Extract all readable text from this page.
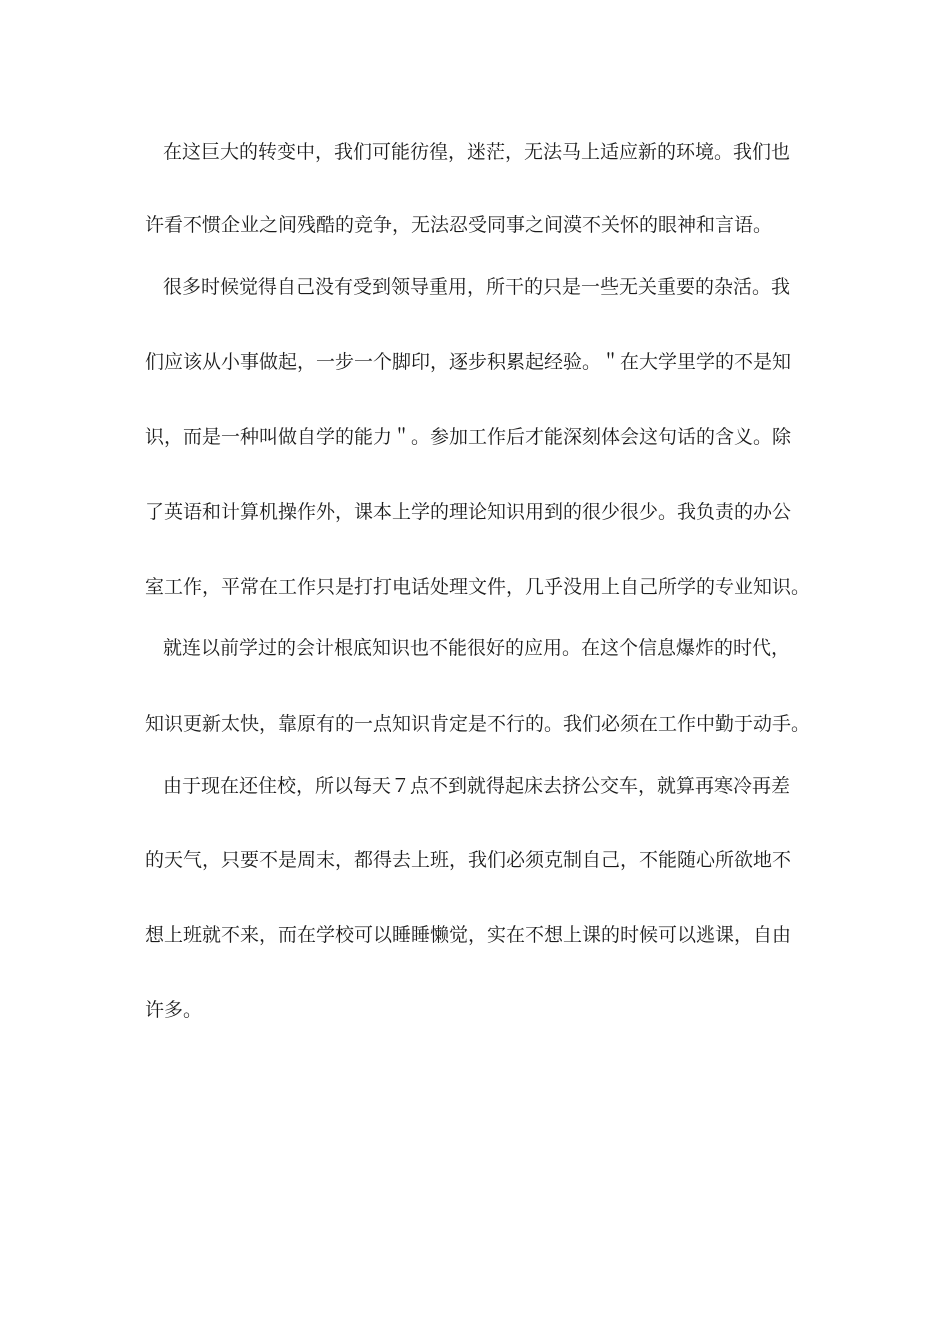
在这巨大的转变中，我们可能彷徨，迷茫，无法马上适应新的环境。我们也
许看不惯企业之间残酷的竞争，无法忍受同事之间漠不关怀的眼神和言语。
很多时候觉得自己没有受到领导重用，所干的只是一些无关重要的杂活。我
们应该从小事做起，一步一个脚印，逐步积累起经验。＂在大学里学的不是知
识，而是一种叫做自学的能力＂。参加工作后才能深刻体会这句话的含义。除
了英语和计算机操作外，课本上学的理论知识用到的很少很少。我负责的办公
室工作，平常在工作只是打打电话处理文件，几乎没用上自己所学的专业知识。
就连以前学过的会计根底知识也不能很好的应用。在这个信息爆炸的时代，
知识更新太快，靠原有的一点知识肯定是不行的。我们必须在工作中勤于动手。
由于现在还住校，所以每天７点不到就得起床去挤公交车，就算再寒冷再差
的天气，只要不是周末，都得去上班，我们必须克制自己，不能随心所欲地不
想上班就不来，而在学校可以睡睡懒觉，实在不想上课的时候可以逃课，自由
许多。
